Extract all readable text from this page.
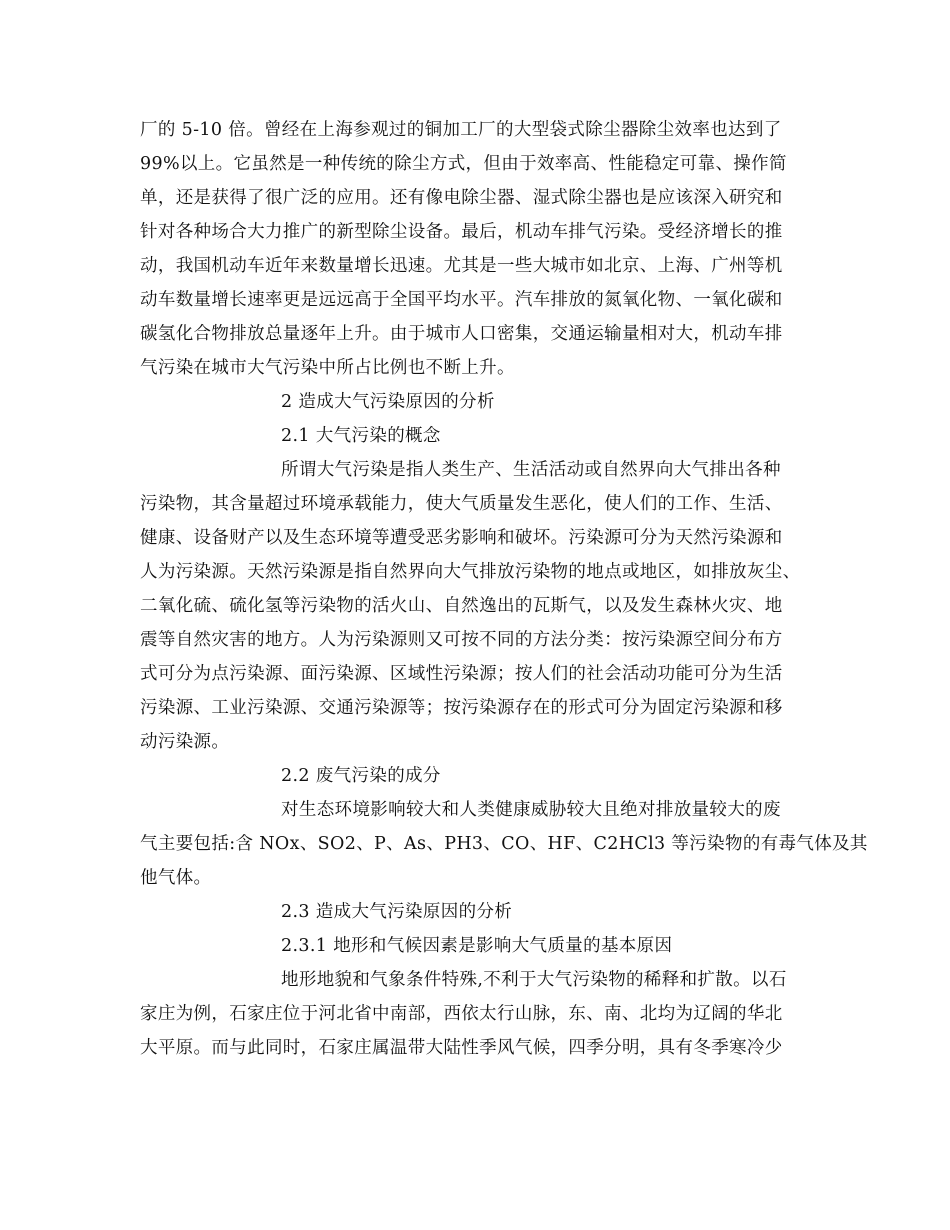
厂的 5-10 倍。曾经在上海参观过的铜加工厂的大型袋式除尘器除尘效率也达到了
99%以上。它虽然是一种传统的除尘方式，但由于效率高、性能稳定可靠、操作简
单，还是获得了很广泛的应用。还有像电除尘器、湿式除尘器也是应该深入研究和
针对各种场合大力推广的新型除尘设备。最后，机动车排气污染。受经济增长的推
动，我国机动车近年来数量增长迅速。尤其是一些大城市如北京、上海、广州等机
动车数量增长速率更是远远高于全国平均水平。汽车排放的氮氧化物、一氧化碳和
碳氢化合物排放总量逐年上升。由于城市人口密集，交通运输量相对大，机动车排
气污染在城市大气污染中所占比例也不断上升。
2 造成大气污染原因的分析
2.1 大气污染的概念
所谓大气污染是指人类生产、生活活动或自然界向大气排出各种
污染物，其含量超过环境承载能力，使大气质量发生恶化，使人们的工作、生活、
健康、设备财产以及生态环境等遭受恶劣影响和破坏。污染源可分为天然污染源和
人为污染源。天然污染源是指自然界向大气排放污染物的地点或地区，如排放灰尘、
二氧化硫、硫化氢等污染物的活火山、自然逸出的瓦斯气，以及发生森林火灾、地
震等自然灾害的地方。人为污染源则又可按不同的方法分类：按污染源空间分布方
式可分为点污染源、面污染源、区域性污染源；按人们的社会活动功能可分为生活
污染源、工业污染源、交通污染源等；按污染源存在的形式可分为固定污染源和移
动污染源。
2.2 废气污染的成分
对生态环境影响较大和人类健康威胁较大且绝对排放量较大的废
气主要包括:含 NOx、SO2、P、As、PH3、CO、HF、C2HCl3 等污染物的有毒气体及其
他气体。
2.3 造成大气污染原因的分析
2.3.1 地形和气候因素是影响大气质量的基本原因
地形地貌和气象条件特殊,不利于大气污染物的稀释和扩散。以石
家庄为例，石家庄位于河北省中南部，西依太行山脉，东、南、北均为辽阔的华北
大平原。而与此同时，石家庄属温带大陆性季风气候，四季分明，具有冬季寒冷少
